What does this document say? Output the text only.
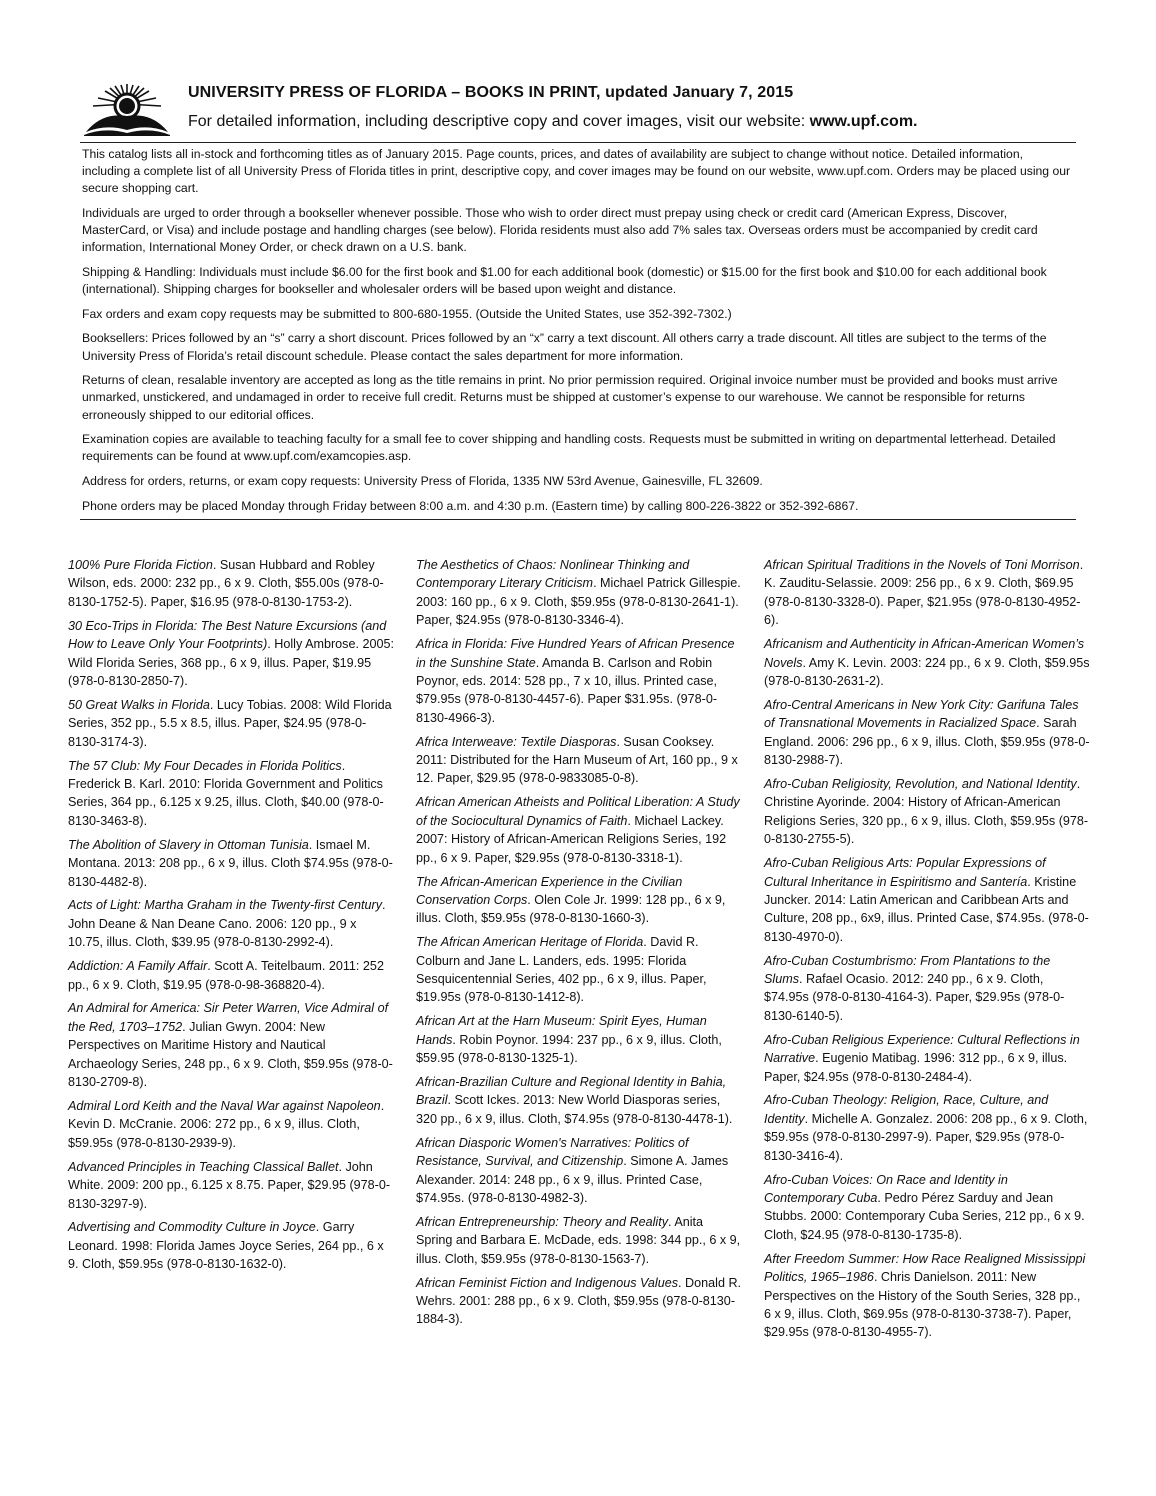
UNIVERSITY PRESS OF FLORIDA – BOOKS IN PRINT, updated January 7, 2015
For detailed information, including descriptive copy and cover images, visit our website: www.upf.com.

This catalog lists all in-stock and forthcoming titles as of January 2015. Page counts, prices, and dates of availability are subject to change without notice. Detailed information, including a complete list of all University Press of Florida titles in print, descriptive copy, and cover images may be found on our website, www.upf.com. Orders may be placed using our secure shopping cart.

Individuals are urged to order through a bookseller whenever possible. Those who wish to order direct must prepay using check or credit card (American Express, Discover, MasterCard, or Visa) and include postage and handling charges (see below). Florida residents must also add 7% sales tax. Overseas orders must be accompanied by credit card information, International Money Order, or check drawn on a U.S. bank.

Shipping & Handling: Individuals must include $6.00 for the first book and $1.00 for each additional book (domestic) or $15.00 for the first book and $10.00 for each additional book (international). Shipping charges for bookseller and wholesaler orders will be based upon weight and distance.

Fax orders and exam copy requests may be submitted to 800-680-1955. (Outside the United States, use 352-392-7302.)

Booksellers: Prices followed by an “s” carry a short discount. Prices followed by an “x” carry a text discount. All others carry a trade discount. All titles are subject to the terms of the University Press of Florida’s retail discount schedule. Please contact the sales department for more information.

Returns of clean, resalable inventory are accepted as long as the title remains in print. No prior permission required. Original invoice number must be provided and books must arrive unmarked, unstickered, and undamaged in order to receive full credit. Returns must be shipped at customer’s expense to our warehouse. We cannot be responsible for returns erroneously shipped to our editorial offices.

Examination copies are available to teaching faculty for a small fee to cover shipping and handling costs. Requests must be submitted in writing on departmental letterhead. Detailed requirements can be found at www.upf.com/examcopies.asp.

Address for orders, returns, or exam copy requests: University Press of Florida, 1335 NW 53rd Avenue, Gainesville, FL 32609.

Phone orders may be placed Monday through Friday between 8:00 a.m. and 4:30 p.m. (Eastern time) by calling 800-226-3822 or 352-392-6867.

100% Pure Florida Fiction. Susan Hubbard and Robley Wilson, eds. 2000: 232 pp., 6 x 9. Cloth, $55.00s (978-0-8130-1752-5). Paper, $16.95 (978-0-8130-1753-2).

30 Eco-Trips in Florida: The Best Nature Excursions (and How to Leave Only Your Footprints). Holly Ambrose. 2005: Wild Florida Series, 368 pp., 6 x 9, illus. Paper, $19.95 (978-0-8130-2850-7).

50 Great Walks in Florida. Lucy Tobias. 2008: Wild Florida Series, 352 pp., 5.5 x 8.5, illus. Paper, $24.95 (978-0-8130-3174-3).

The 57 Club: My Four Decades in Florida Politics. Frederick B. Karl. 2010: Florida Government and Politics Series, 364 pp., 6.125 x 9.25, illus. Cloth, $40.00 (978-0-8130-3463-8).

The Abolition of Slavery in Ottoman Tunisia. Ismael M. Montana. 2013: 208 pp., 6 x 9, illus. Cloth $74.95s (978-0-8130-4482-8).

Acts of Light: Martha Graham in the Twenty-first Century. John Deane & Nan Deane Cano. 2006: 120 pp., 9 x 10.75, illus. Cloth, $39.95 (978-0-8130-2992-4).

Addiction: A Family Affair. Scott A. Teitelbaum. 2011: 252 pp., 6 x 9. Cloth, $19.95 (978-0-98-368820-4).

An Admiral for America: Sir Peter Warren, Vice Admiral of the Red, 1703–1752. Julian Gwyn. 2004: New Perspectives on Maritime History and Nautical Archaeology Series, 248 pp., 6 x 9. Cloth, $59.95s (978-0-8130-2709-8).

Admiral Lord Keith and the Naval War against Napoleon. Kevin D. McCranie. 2006: 272 pp., 6 x 9, illus. Cloth, $59.95s (978-0-8130-2939-9).

Advanced Principles in Teaching Classical Ballet. John White. 2009: 200 pp., 6.125 x 8.75. Paper, $29.95 (978-0-8130-3297-9).

Advertising and Commodity Culture in Joyce. Garry Leonard. 1998: Florida James Joyce Series, 264 pp., 6 x 9. Cloth, $59.95s (978-0-8130-1632-0).

The Aesthetics of Chaos: Nonlinear Thinking and Contemporary Literary Criticism. Michael Patrick Gillespie. 2003: 160 pp., 6 x 9. Cloth, $59.95s (978-0-8130-2641-1). Paper, $24.95s (978-0-8130-3346-4).

Africa in Florida: Five Hundred Years of African Presence in the Sunshine State. Amanda B. Carlson and Robin Poynor, eds. 2014: 528 pp., 7 x 10, illus. Printed case, $79.95s (978-0-8130-4457-6). Paper $31.95s. (978-0-8130-4966-3).

Africa Interweave: Textile Diasporas. Susan Cooksey. 2011: Distributed for the Harn Museum of Art, 160 pp., 9 x 12. Paper, $29.95 (978-0-9833085-0-8).

African American Atheists and Political Liberation: A Study of the Sociocultural Dynamics of Faith. Michael Lackey. 2007: History of African-American Religions Series, 192 pp., 6 x 9. Paper, $29.95s (978-0-8130-3318-1).

The African-American Experience in the Civilian Conservation Corps. Olen Cole Jr. 1999: 128 pp., 6 x 9, illus. Cloth, $59.95s (978-0-8130-1660-3).

The African American Heritage of Florida. David R. Colburn and Jane L. Landers, eds. 1995: Florida Sesquicentennial Series, 402 pp., 6 x 9, illus. Paper, $19.95s (978-0-8130-1412-8).

African Art at the Harn Museum: Spirit Eyes, Human Hands. Robin Poynor. 1994: 237 pp., 6 x 9, illus. Cloth, $59.95 (978-0-8130-1325-1).

African-Brazilian Culture and Regional Identity in Bahia, Brazil. Scott Ickes. 2013: New World Diasporas series, 320 pp., 6 x 9, illus. Cloth, $74.95s (978-0-8130-4478-1).

African Diasporic Women's Narratives: Politics of Resistance, Survival, and Citizenship. Simone A. James Alexander. 2014: 248 pp., 6 x 9, illus. Printed Case, $74.95s. (978-0-8130-4982-3).

African Entrepreneurship: Theory and Reality. Anita Spring and Barbara E. McDade, eds. 1998: 344 pp., 6 x 9, illus. Cloth, $59.95s (978-0-8130-1563-7).

African Feminist Fiction and Indigenous Values. Donald R. Wehrs. 2001: 288 pp., 6 x 9. Cloth, $59.95s (978-0-8130-1884-3).

African Spiritual Traditions in the Novels of Toni Morrison. K. Zauditu-Selassie. 2009: 256 pp., 6 x 9. Cloth, $69.95 (978-0-8130-3328-0). Paper, $21.95s (978-0-8130-4952-6).

Africanism and Authenticity in African-American Women’s Novels. Amy K. Levin. 2003: 224 pp., 6 x 9. Cloth, $59.95s (978-0-8130-2631-2).

Afro-Central Americans in New York City: Garifuna Tales of Transnational Movements in Racialized Space. Sarah England. 2006: 296 pp., 6 x 9, illus. Cloth, $59.95s (978-0-8130-2988-7).

Afro-Cuban Religiosity, Revolution, and National Identity. Christine Ayorinde. 2004: History of African-American Religions Series, 320 pp., 6 x 9, illus. Cloth, $59.95s (978-0-8130-2755-5).

Afro-Cuban Religious Arts: Popular Expressions of Cultural Inheritance in Espiritismo and Santería. Kristine Juncker. 2014: Latin American and Caribbean Arts and Culture, 208 pp., 6x9, illus. Printed Case, $74.95s. (978-0-8130-4970-0).

Afro-Cuban Costumbrismo: From Plantations to the Slums. Rafael Ocasio. 2012: 240 pp., 6 x 9. Cloth, $74.95s (978-0-8130-4164-3). Paper, $29.95s (978-0-8130-6140-5).

Afro-Cuban Religious Experience: Cultural Reflections in Narrative. Eugenio Matibag. 1996: 312 pp., 6 x 9, illus. Paper, $24.95s (978-0-8130-2484-4).

Afro-Cuban Theology: Religion, Race, Culture, and Identity. Michelle A. Gonzalez. 2006: 208 pp., 6 x 9. Cloth, $59.95s (978-0-8130-2997-9). Paper, $29.95s (978-0-8130-3416-4).

Afro-Cuban Voices: On Race and Identity in Contemporary Cuba. Pedro Pérez Sarduy and Jean Stubbs. 2000: Contemporary Cuba Series, 212 pp., 6 x 9. Cloth, $24.95 (978-0-8130-1735-8).

After Freedom Summer: How Race Realigned Mississippi Politics, 1965–1986. Chris Danielson. 2011: New Perspectives on the History of the South Series, 328 pp., 6 x 9, illus. Cloth, $69.95s (978-0-8130-3738-7). Paper, $29.95s (978-0-8130-4955-7).
